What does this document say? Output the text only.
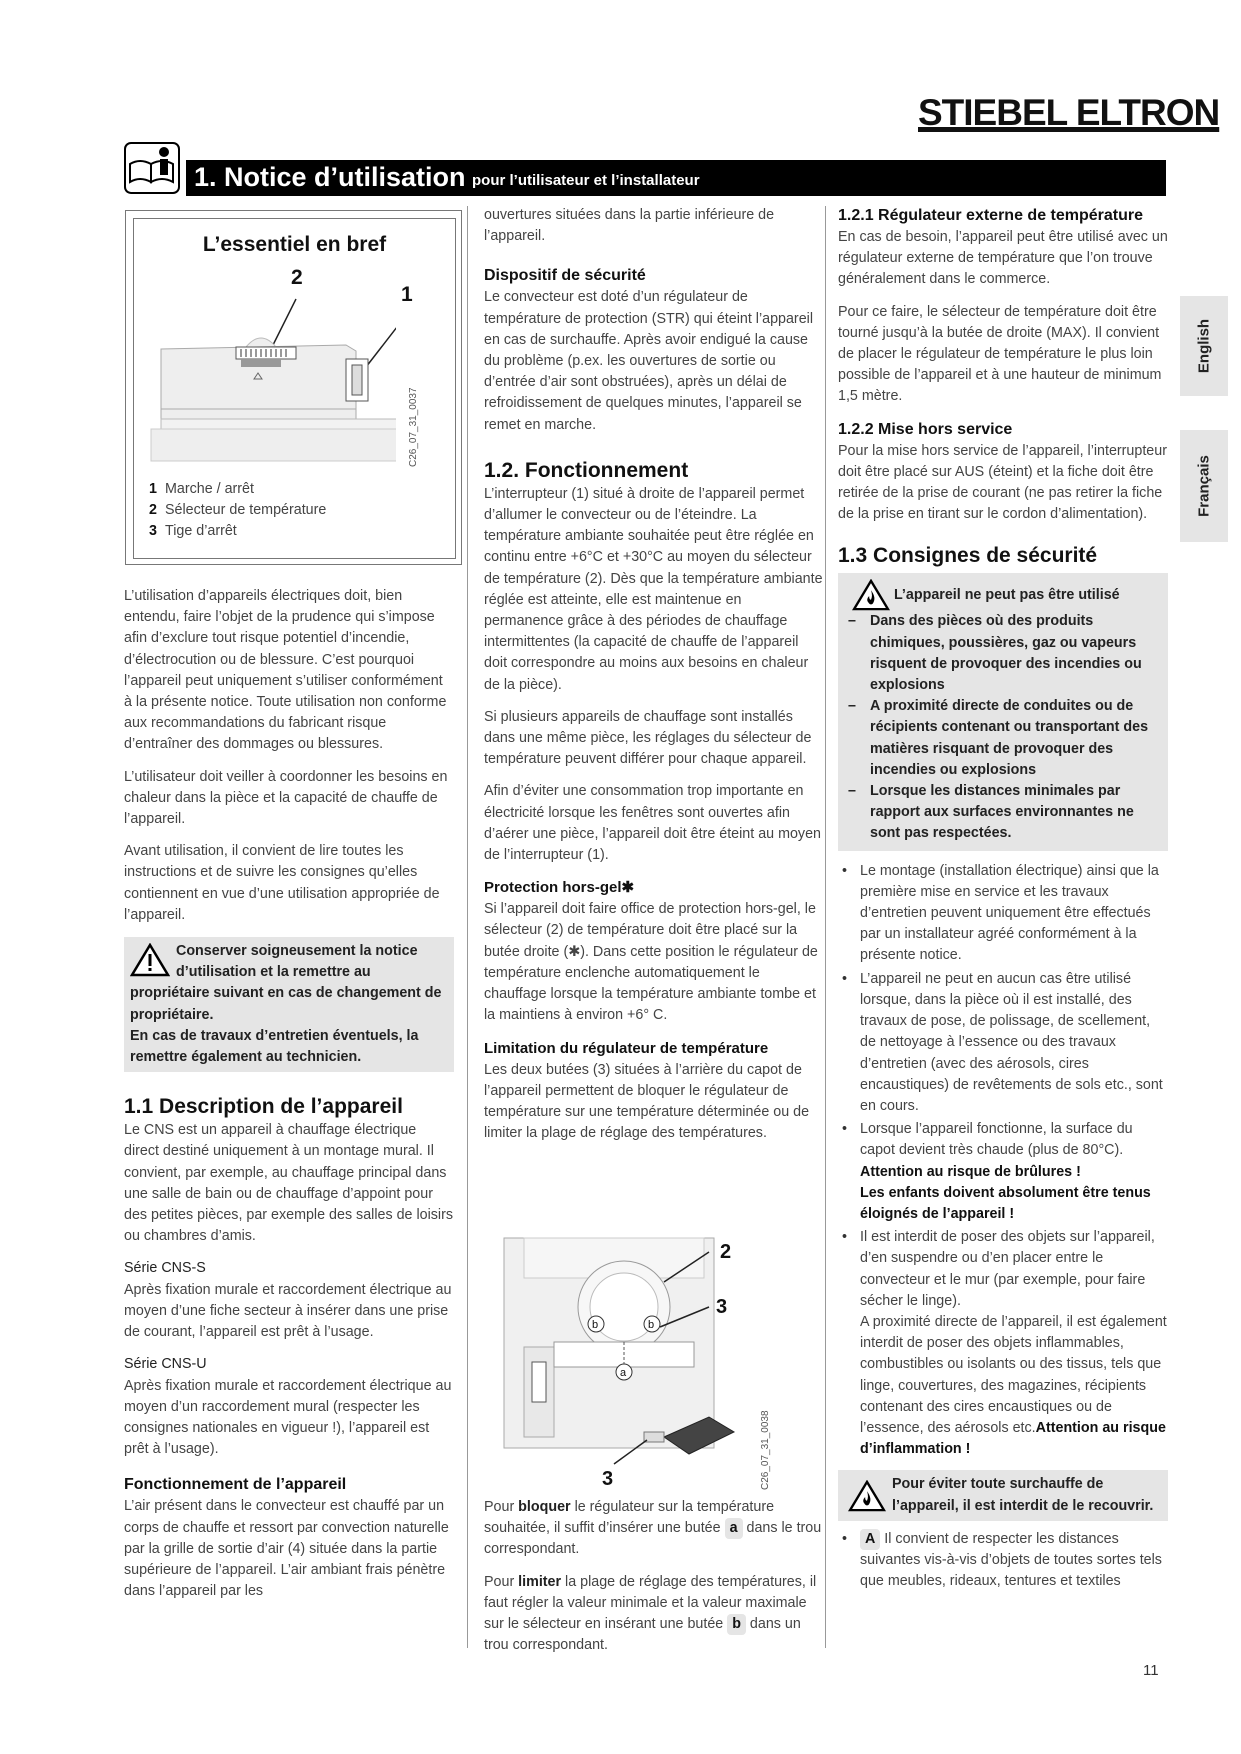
STIEBEL ELTRON
1. Notice d’utilisation pour l’utilisateur et l’installateur
English
Français
L’essentiel en bref
2
1
C26_07_31_0037
1 Marche / arrêt
2 Sélecteur de température
3 Tige d’arrêt

L’utilisation d’appareils électriques doit, bien entendu, faire l’objet de la prudence qui s’impose afin d’exclure tout risque potentiel d’incendie, d’électrocution ou de blessure. C’est pourquoi l’appareil peut uniquement s’utiliser conformément à la présente notice. Toute utilisation non conforme aux recommandations du fabricant risque d’entraîner des dommages ou blessures.

L’utilisateur doit veiller à coordonner les besoins en chaleur dans la pièce et la capacité de chauffe de l’appareil.

Avant utilisation, il convient de lire toutes les instructions et de suivre les consignes qu’elles contiennent en vue d’une utilisation appropriée de l’appareil.

Conserver soigneusement la notice d’utilisation et la remettre au propriétaire suivant en cas de changement de propriétaire.

En cas de travaux d’entretien éventuels, la remettre également au technicien.

1.1 Description de l’appareil

Le CNS est un appareil à chauffage électrique direct destiné uniquement à un montage mural. Il convient, par exemple, au chauffage principal dans une salle de bain ou de chauffage d’appoint pour des petites pièces, par exemple des salles de loisirs ou chambres d’amis.

Série CNS-S

Après fixation murale et raccordement électrique au moyen d’une fiche secteur à insérer dans une prise de courant, l’appareil est prêt à l’usage.

Série CNS-U

Après fixation murale et raccordement électrique au moyen d’un raccordement mural (respecter les consignes nationales en vigueur !), l’appareil est prêt à l’usage).

Fonctionnement de l’appareil

L’air présent dans le convecteur est chauffé par un corps de chauffe et ressort par convection naturelle par la grille de sortie d’air (4) située dans la partie supérieure de l’appareil. L’air ambiant frais pénètre dans l’appareil par les

ouvertures situées dans la partie inférieure de l’appareil.

Dispositif de sécurité

Le convecteur est doté d’un régulateur de température de protection (STR) qui éteint l’appareil en cas de surchauffe. Après avoir endigué la cause du problème (p.ex. les ouvertures de sortie ou d’entrée d’air sont obstruées), après un délai de refroidissement de quelques minutes, l’appareil se remet en marche.

1.2. Fonctionnement

L’interrupteur (1) situé à droite de l’appareil permet d’allumer le convecteur ou de l’éteindre. La température ambiante souhaitée peut être réglée en continu entre +6°C et +30°C au moyen du sélecteur de température (2). Dès que la température ambiante réglée est atteinte, elle est maintenue en permanence grâce à des périodes de chauffage intermittentes (la capacité de chauffe de l’appareil doit correspondre au moins aux besoins en chaleur de la pièce).

Si plusieurs appareils de chauffage sont installés dans une même pièce, les réglages du sélecteur de température peuvent différer pour chaque appareil.

Afin d’éviter une consommation trop importante en électricité lorsque les fenêtres sont ouvertes afin d’aérer une pièce, l’appareil doit être éteint au moyen de l’interrupteur (1).

Protection hors-gel✱

Si l’appareil doit faire office de protection hors-gel, le sélecteur (2) de température doit être placé sur la butée droite (✱). Dans cette position le régulateur de température enclenche automatiquement le chauffage lorsque la température ambiante tombe et la maintiens à environ +6° C.

Limitation du régulateur de température

Les deux butées (3) situées à l’arrière du capot de l’appareil permettent de bloquer le régulateur de température sur une température déterminée ou de limiter la plage de réglage des températures.

2
3
3
b	b
a
C26_07_31_0038

Pour bloquer le régulateur sur la température souhaitée, il suffit d’insérer une butée a dans le trou correspondant.

Pour limiter la plage de réglage des températures, il faut régler la valeur minimale et la valeur maximale sur le sélecteur en insérant une butée b dans un trou correspondant.

1.2.1 Régulateur externe de température

En cas de besoin, l’appareil peut être utilisé avec un régulateur externe de température que l’on trouve généralement dans le commerce.

Pour ce faire, le sélecteur de température doit être tourné jusqu’à la butée de droite (MAX). Il convient de placer le régulateur de température le plus loin possible de l’appareil et à une hauteur de minimum 1,5 mètre.

1.2.2 Mise hors service

Pour la mise hors service de l’appareil, l’interrupteur doit être placé sur AUS (éteint) et la fiche doit être retirée de la prise de courant (ne pas retirer la fiche de la prise en tirant sur le cordon d’alimentation).

1.3 Consignes de sécurité
L’appareil ne peut pas être utilisé
– Dans des pièces où des produits chimiques, poussières, gaz ou vapeurs risquent de provoquer des incendies ou explosions
– A proximité directe de conduites ou de récipients contenant ou transportant des matières risquant de provoquer des incendies ou explosions
– Lorsque les distances minimales par rapport aux surfaces environnantes ne sont pas respectées.
• Le montage (installation électrique) ainsi que la première mise en service et les travaux d’entretien peuvent uniquement être effectués par un installateur agréé conformément à la présente notice.
• L’appareil ne peut en aucun cas être utilisé lorsque, dans la pièce où il est installé, des travaux de pose, de polissage, de scellement, de nettoyage à l’essence ou des travaux d’entretien (avec des aérosols, cires encaustiques) de revêtements de sols etc., sont en cours.
• Lorsque l’appareil fonctionne, la surface du capot devient très chaude (plus de 80°C).
Attention au risque de brûlures !
Les enfants doivent absolument être tenus éloignés de l’appareil !
• Il est interdit de poser des objets sur l’appareil, d’en suspendre ou d’en placer entre le convecteur et le mur (par exemple, pour faire sécher le linge).
A proximité directe de l’appareil, il est également interdit de poser des objets inflammables, combustibles ou isolants ou des tissus, tels que linge, couvertures, des magazines, récipients contenant des cires encaustiques ou de l’essence, des aérosols etc.Attention au risque d’inflammation !
Pour éviter toute surchauffe de l’appareil, il est interdit de le recouvrir.
• A Il convient de respecter les distances suivantes vis-à-vis d’objets de toutes sortes tels que meubles, rideaux, tentures et textiles
11
